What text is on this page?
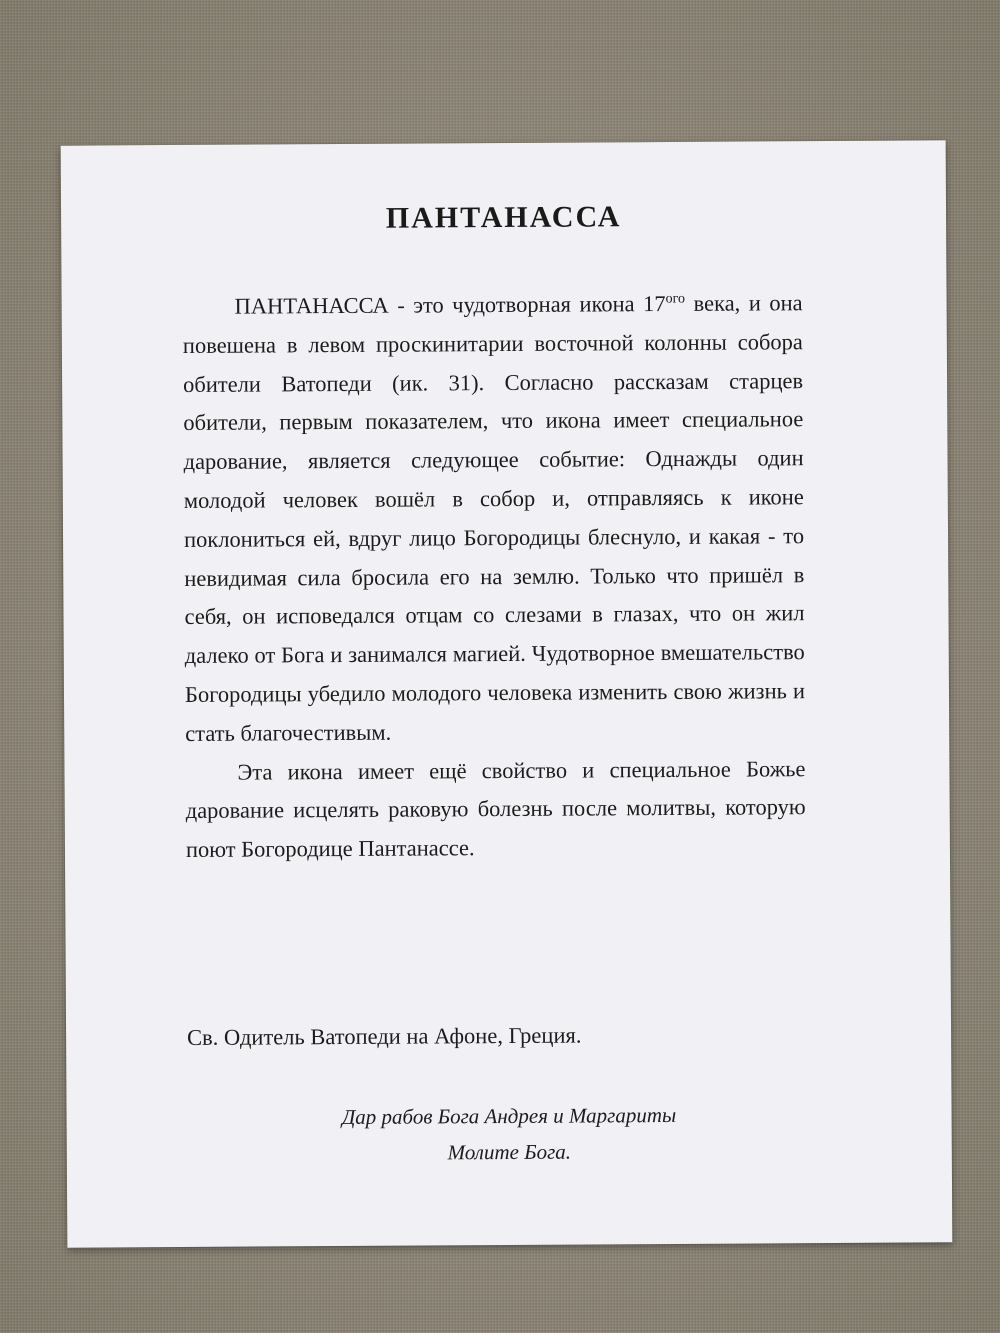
ПАНТАНАССА

ПАНТАНАССА - это чудотворная икона $17^{ого}$ века, и она повешена в левом проскинитарии восточной колонны собора обители Ватопеди (ик. 31). Согласно рассказам старцев обители, первым показателем, что икона имеет специальное дарование, является следующее событие: Однажды один молодой человек вошёл в собор и, отправляясь к иконе поклониться ей, вдруг лицо Богородицы блеснуло, и какая - то невидимая сила бросила его на землю. Только что пришёл в себя, он исповедался отцам со слезами в глазах, что он жил далеко от Бога и занимался магией. Чудотворное вмешательство Богородицы убедило молодого человека изменить свою жизнь и стать благочестивым.

Эта икона имеет ещё свойство и специальное Божье дарование исцелять раковую болезнь после молитвы, которую поют Богородице Пантанассе.

Св. Одитель Ватопеди на Афоне, Греция.
Дар рабов Бога Андрея и Маргариты
Молите Бога.
